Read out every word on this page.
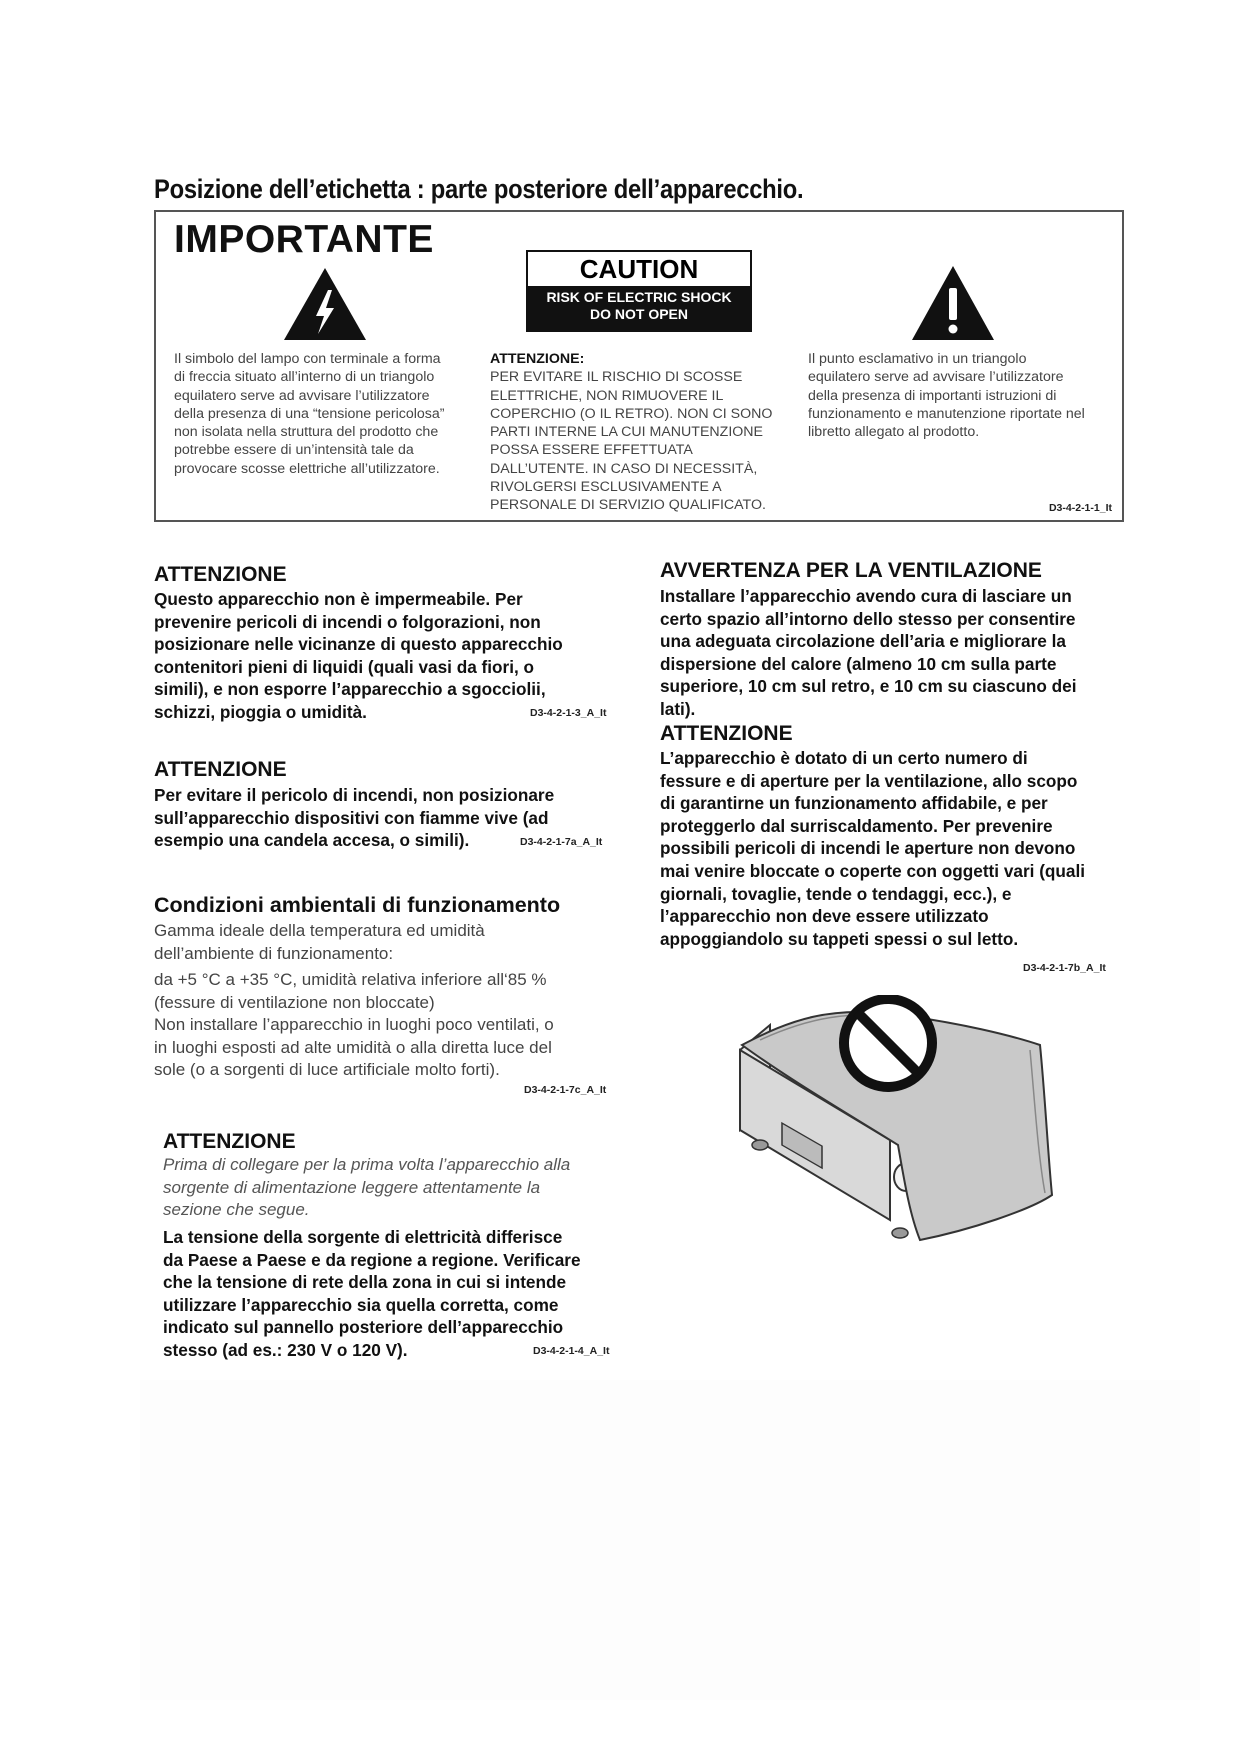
Posizione dell’etichetta : parte posteriore dell’apparecchio.
IMPORTANTE
CAUTION
RISK OF ELECTRIC SHOCK
DO NOT OPEN

Il simbolo del lampo con terminale a forma

di freccia situato all’interno di un triangolo

equilatero serve ad avvisare l’utilizzatore

della presenza di una “tensione pericolosa”

non isolata nella struttura del prodotto che

potrebbe essere di un’intensità tale da

provocare scosse elettriche all’utilizzatore.

ATTENZIONE:

PER EVITARE IL RISCHIO DI SCOSSE

ELETTRICHE, NON RIMUOVERE IL

COPERCHIO (O IL RETRO). NON CI SONO

PARTI INTERNE LA CUI MANUTENZIONE

POSSA ESSERE EFFETTUATA

DALL’UTENTE. IN CASO DI NECESSITÀ,

RIVOLGERSI ESCLUSIVAMENTE A

PERSONALE DI SERVIZIO QUALIFICATO.

Il punto esclamativo in un triangolo

equilatero serve ad avvisare l’utilizzatore

della presenza di importanti istruzioni di

funzionamento e manutenzione riportate nel

libretto allegato al prodotto.

D3-4-2-1-1_It
ATTENZIONE

Questo apparecchio non è impermeabile. Per

prevenire pericoli di incendi o folgorazioni, non

posizionare nelle vicinanze di questo apparecchio

contenitori pieni di liquidi (quali vasi da fiori, o

simili), e non esporre l’apparecchio a sgocciolii,

schizzi, pioggia o umidità.	D3-4-2-1-3_A_It
ATTENZIONE

Per evitare il pericolo di incendi, non posizionare

sull’apparecchio dispositivi con fiamme vive (ad

esempio una candela accesa, o simili).	D3-4-2-1-7a_A_It
Condizioni ambientali di funzionamento

Gamma ideale della temperatura ed umidità

dell’ambiente di funzionamento:

da +5 °C a +35 °C, umidità relativa inferiore all‘85 %

(fessure di ventilazione non bloccate)

Non installare l’apparecchio in luoghi poco ventilati, o

in luoghi esposti ad alte umidità o alla diretta luce del

sole (o a sorgenti di luce artificiale molto forti).

D3-4-2-1-7c_A_It
ATTENZIONE

Prima di collegare per la prima volta l’apparecchio alla

sorgente di alimentazione leggere attentamente la

sezione che segue.

La tensione della sorgente di elettricità differisce

da Paese a Paese e da regione a regione. Verificare

che la tensione di rete della zona in cui si intende

utilizzare l’apparecchio sia quella corretta, come

indicato sul pannello posteriore dell’apparecchio

stesso (ad es.: 230 V o 120 V).	D3-4-2-1-4_A_It
AVVERTENZA PER LA VENTILAZIONE

Installare l’apparecchio avendo cura di lasciare un

certo spazio all’intorno dello stesso per consentire

una adeguata circolazione dell’aria e migliorare la

dispersione del calore (almeno 10 cm sulla parte

superiore, 10 cm sul retro, e 10 cm su ciascuno dei

lati).

ATTENZIONE

L’apparecchio è dotato di un certo numero di

fessure e di aperture per la ventilazione, allo scopo

di garantirne un funzionamento affidabile, e per

proteggerlo dal surriscaldamento. Per prevenire

possibili pericoli di incendi le aperture non devono

mai venire bloccate o coperte con oggetti vari (quali

giornali, tovaglie, tende o tendaggi, ecc.), e

l’apparecchio non deve essere utilizzato

appoggiandolo su tappeti spessi o sul letto.

D3-4-2-1-7b_A_It
